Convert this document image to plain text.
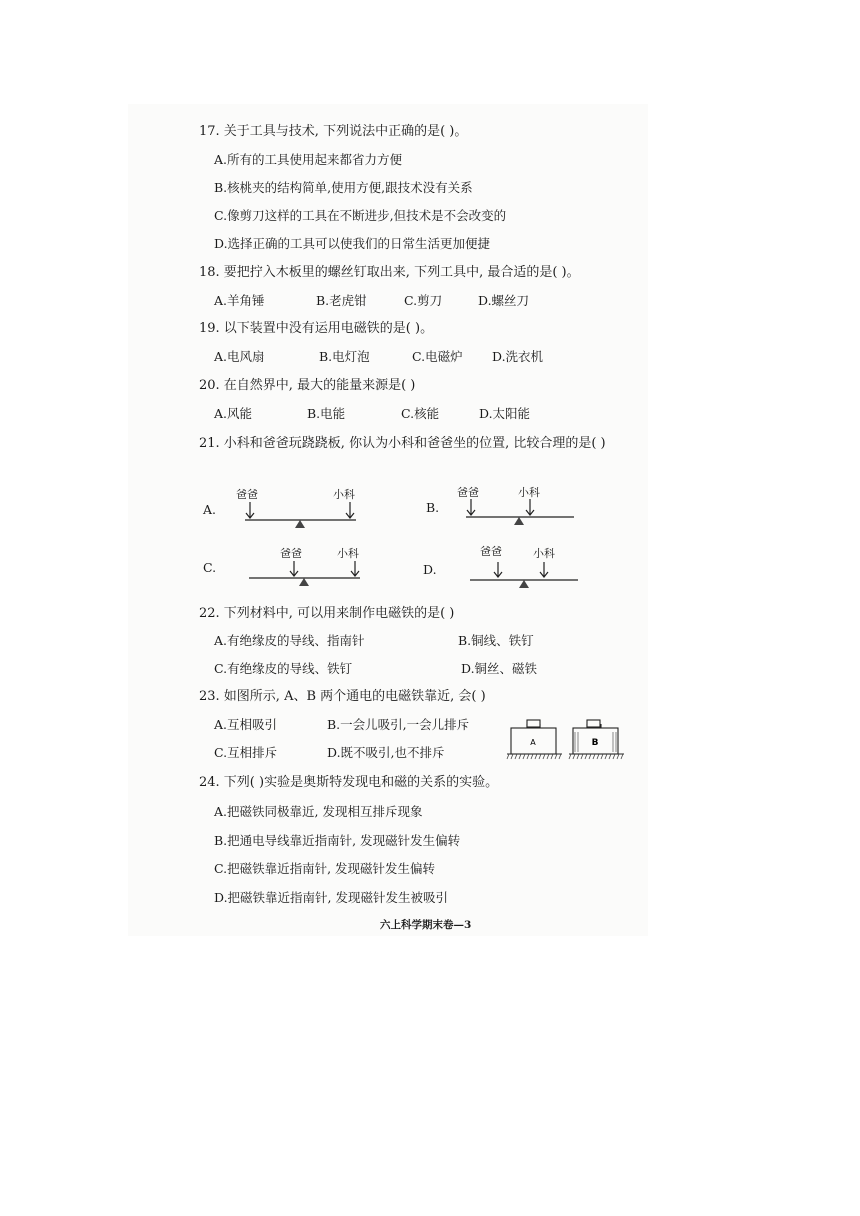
17. 关于工具与技术, 下列说法中正确的是( )。
A.所有的工具使用起来都省力方便
B.核桃夹的结构简单,使用方便,跟技术没有关系
C.像剪刀这样的工具在不断进步,但技术是不会改变的
D.选择正确的工具可以使我们的日常生活更加便捷
18. 要把拧入木板里的螺丝钉取出来, 下列工具中, 最合适的是( )。
A.羊角锤	B.老虎钳	C.剪刀	D.螺丝刀
19. 以下装置中没有运用电磁铁的是( )。
A.电风扇	B.电灯泡	C.电磁炉 D.洗衣机
20. 在自然界中, 最大的能量来源是( )
A.风能	B.电能	C.核能	D.太阳能
21. 小科和爸爸玩跷跷板, 你认为小科和爸爸坐的位置, 比较合理的是( )
A.
爸爸	小科
B.
爸爸	小科
C.
爸爸	小科
D.
爸爸	小科
22. 下列材料中, 可以用来制作电磁铁的是( )
A.有绝缘皮的导线、指南针	B.铜线、铁钉
C.有绝缘皮的导线、铁钉	D.铜丝、磁铁
23. 如图所示, A、B 两个通电的电磁铁靠近, 会( )
A.互相吸引	B.一会儿吸引,一会儿排斥
C.互相排斥	D.既不吸引,也不排斥
A	B
24. 下列( )实验是奥斯特发现电和磁的关系的实验。
A.把磁铁同极靠近, 发现相互排斥现象
B.把通电导线靠近指南针, 发现磁针发生偏转
C.把磁铁靠近指南针, 发现磁针发生偏转
D.把磁铁靠近指南针, 发现磁针发生被吸引
六上科学期末卷—3
